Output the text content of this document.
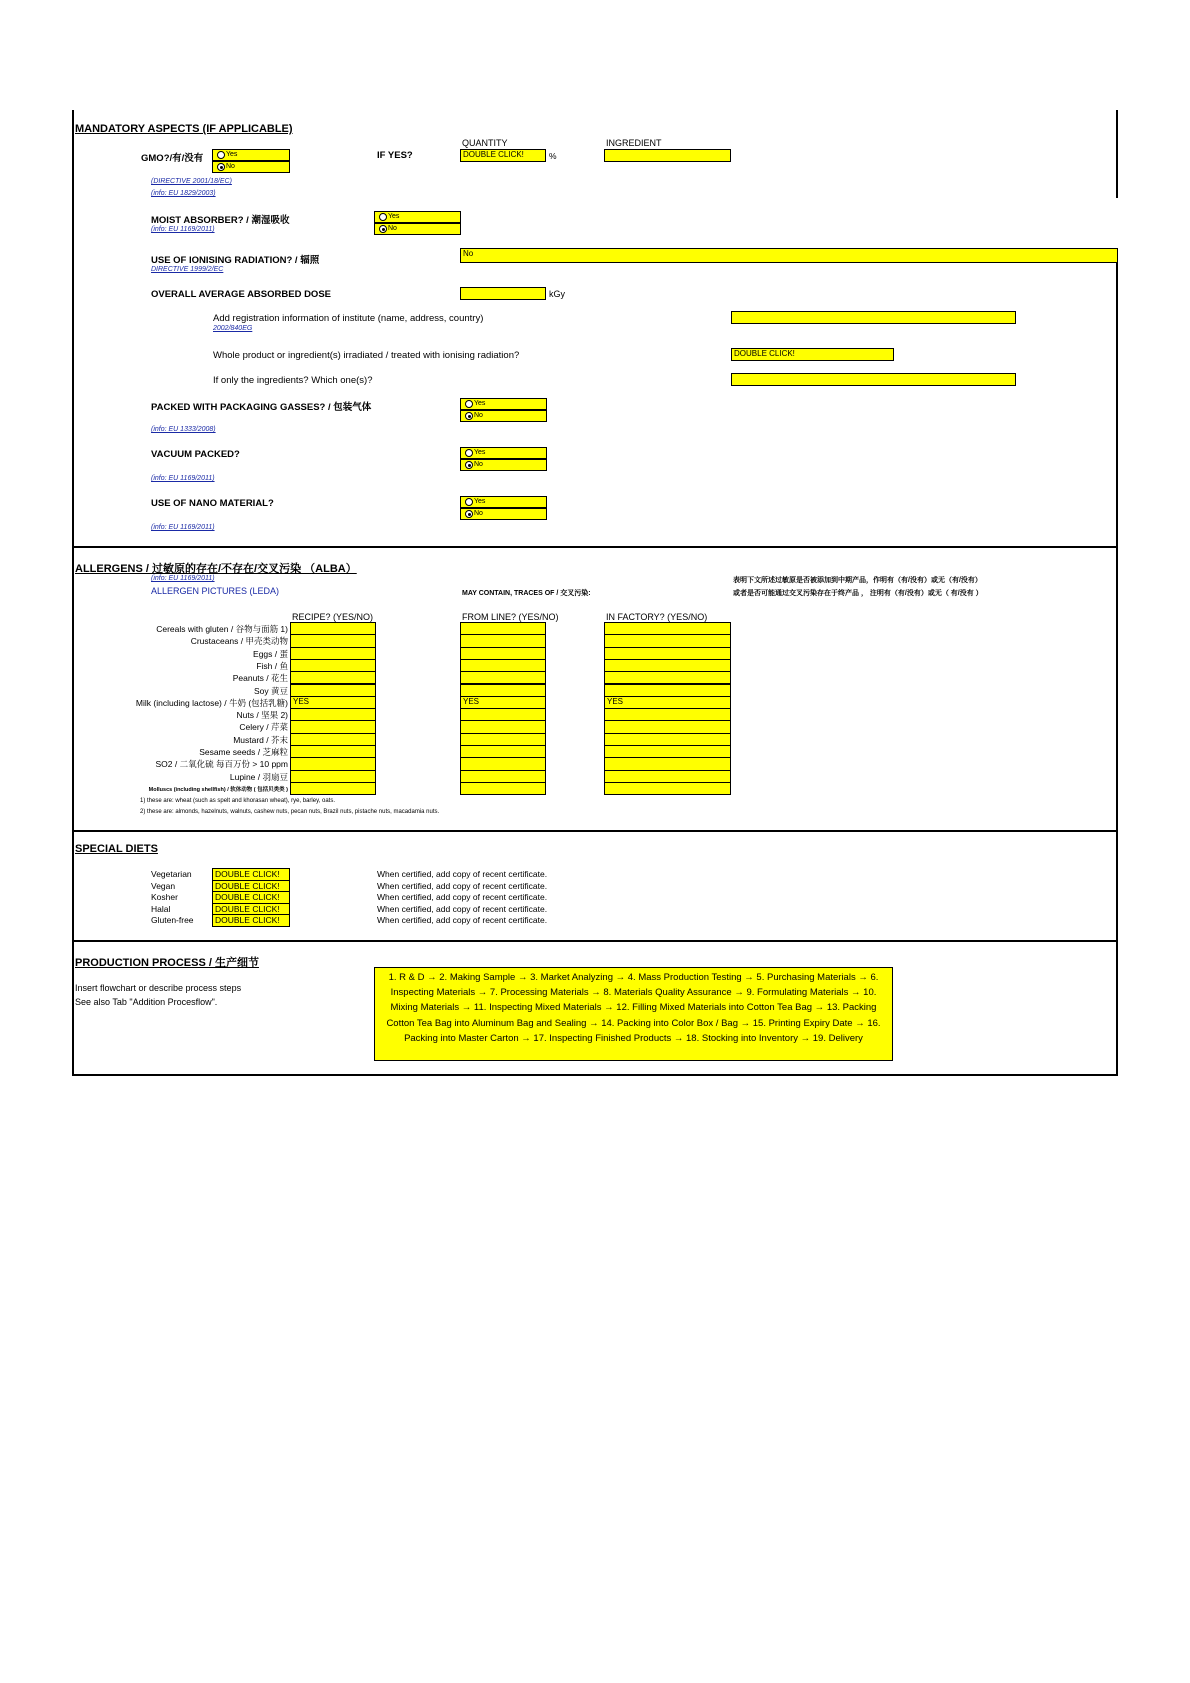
MANDATORY ASPECTS (IF APPLICABLE)
GMO?/有/没有	Yes
No
IF YES?
QUANTITY	INGREDIENT
DOUBLE CLICK!	%
(DIRECTIVE 2001/18/EC)
(info: EU 1829/2003)
MOIST ABSORBER? / 潮湿吸收	Yes
No
(info: EU 1169/2011)
USE OF IONISING RADIATION? / 辐照
No
DIRECTIVE 1999/2/EC
OVERALL AVERAGE ABSORBED DOSE	kGy
Add registration information of institute (name, address, country)
2002/840EG
Whole product or ingredient(s) irradiated / treated with ionising radiation?	DOUBLE CLICK!
If only the ingredients? Which one(s)?
PACKED WITH PACKAGING GASSES? / 包装气体	Yes
No
(info: EU 1333/2008)
VACUUM PACKED?	Yes
No
(info: EU 1169/2011)
USE OF NANO MATERIAL?	Yes
No
(info: EU 1169/2011)
ALLERGENS / 过敏原的存在/不存在/交叉污染 （ALBA）
(info: EU 1169/2011)
ALLERGEN PICTURES (LEDA)	MAY CONTAIN, TRACES OF / 交叉污染:
表明下文所述过敏原是否被添加到中期产品，作明有（有/没有）或无（有/没有）
或者是否可能通过交叉污染存在于终产品 ， 注明有（有/没有）或无（ 有/没有 ）
RECIPE? (YES/NO)	FROM LINE? (YES/NO)	IN FACTORY? (YES/NO)
Cereals with gluten / 谷物与面筋 1)
Crustaceans / 甲壳类动物
Eggs / 蛋
Fish / 鱼
Peanuts / 花生
Soy 黄豆
Milk (including lactose) / 牛奶 (包括乳糖) YES	YES	YES
Nuts / 坚果 2)
Celery / 芹菜
Mustard / 芥末
Sesame seeds / 芝麻粒
SO2 / 二氧化硫 每百万份 > 10 ppm
Lupine / 羽扇豆
Molluscs (including shellfish) / 软体动物 ( 包括贝类类 )
1) these are: wheat (such as spelt and khorasan wheat), rye, barley, oats.
2) these are: almonds, hazelnuts, walnuts, cashew nuts, pecan nuts, Brazil nuts, pistache nuts, macadamia nuts.
SPECIAL DIETS
Vegetarian	DOUBLE CLICK!	When certified, add copy of recent certificate.
Vegan	DOUBLE CLICK!	When certified, add copy of recent certificate.
Kosher	DOUBLE CLICK!	When certified, add copy of recent certificate.
Halal	DOUBLE CLICK!	When certified, add copy of recent certificate.
Gluten-free	DOUBLE CLICK!	When certified, add copy of recent certificate.
PRODUCTION PROCESS / 生产细节
Insert flowchart or describe process steps
See also Tab "Addition Procesflow".
1. R & D → 2. Making Sample → 3. Market Analyzing → 4. Mass Production Testing → 5. Purchasing Materials → 6. Inspecting Materials → 7. Processing Materials → 8. Materials Quality Assurance → 9. Formulating Materials → 10. Mixing Materials → 11. Inspecting Mixed Materials → 12. Filling Mixed Materials into Cotton Tea Bag → 13. Packing Cotton Tea Bag into Aluminum Bag and Sealing → 14. Packing into Color Box / Bag → 15. Printing Expiry Date → 16. Packing into Master Carton → 17. Inspecting Finished Products → 18. Stocking into Inventory → 19. Delivery
